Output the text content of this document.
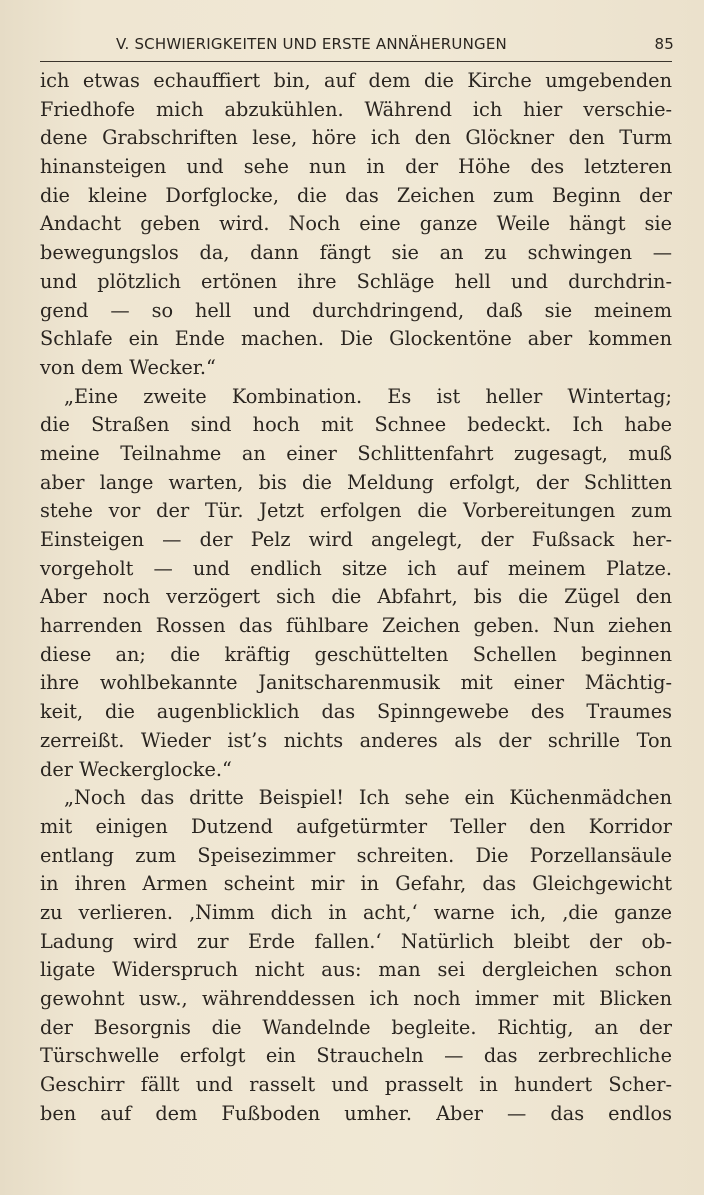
V. SCHWIERIGKEITEN UND ERSTE ANNÄHERUNGEN	85
ich etwas echauffiert bin, auf dem die Kirche umgebenden
Friedhofe mich abzukühlen. Während ich hier verschie-
dene Grabschriften lese, höre ich den Glöckner den Turm
hinansteigen und sehe nun in der Höhe des letzteren
die kleine Dorfglocke, die das Zeichen zum Beginn der
Andacht geben wird. Noch eine ganze Weile hängt sie
bewegungslos da, dann fängt sie an zu schwingen —
und plötzlich ertönen ihre Schläge hell und durchdrin-
gend — so hell und durchdringend, daß sie meinem
Schlafe ein Ende machen. Die Glockentöne aber kommen
von dem Wecker.“
„Eine zweite Kombination. Es ist heller Wintertag;
die Straßen sind hoch mit Schnee bedeckt. Ich habe
meine Teilnahme an einer Schlittenfahrt zugesagt, muß
aber lange warten, bis die Meldung erfolgt, der Schlitten
stehe vor der Tür. Jetzt erfolgen die Vorbereitungen zum
Einsteigen — der Pelz wird angelegt, der Fußsack her-
vorgeholt — und endlich sitze ich auf meinem Platze.
Aber noch verzögert sich die Abfahrt, bis die Zügel den
harrenden Rossen das fühlbare Zeichen geben. Nun ziehen
diese an; die kräftig geschüttelten Schellen beginnen
ihre wohlbekannte Janitscharenmusik mit einer Mächtig-
keit, die augenblicklich das Spinngewebe des Traumes
zerreißt. Wieder ist’s nichts anderes als der schrille Ton
der Weckerglocke.“
„Noch das dritte Beispiel! Ich sehe ein Küchenmädchen
mit einigen Dutzend aufgetürmter Teller den Korridor
entlang zum Speisezimmer schreiten. Die Porzellansäule
in ihren Armen scheint mir in Gefahr, das Gleichgewicht
zu verlieren. ‚Nimm dich in acht,‘ warne ich, ‚die ganze
Ladung wird zur Erde fallen.‘ Natürlich bleibt der ob-
ligate Widerspruch nicht aus: man sei dergleichen schon
gewohnt usw., währenddessen ich noch immer mit Blicken
der Besorgnis die Wandelnde begleite. Richtig, an der
Türschwelle erfolgt ein Straucheln — das zerbrechliche
Geschirr fällt und rasselt und prasselt in hundert Scher-
ben auf dem Fußboden umher. Aber — das endlos
